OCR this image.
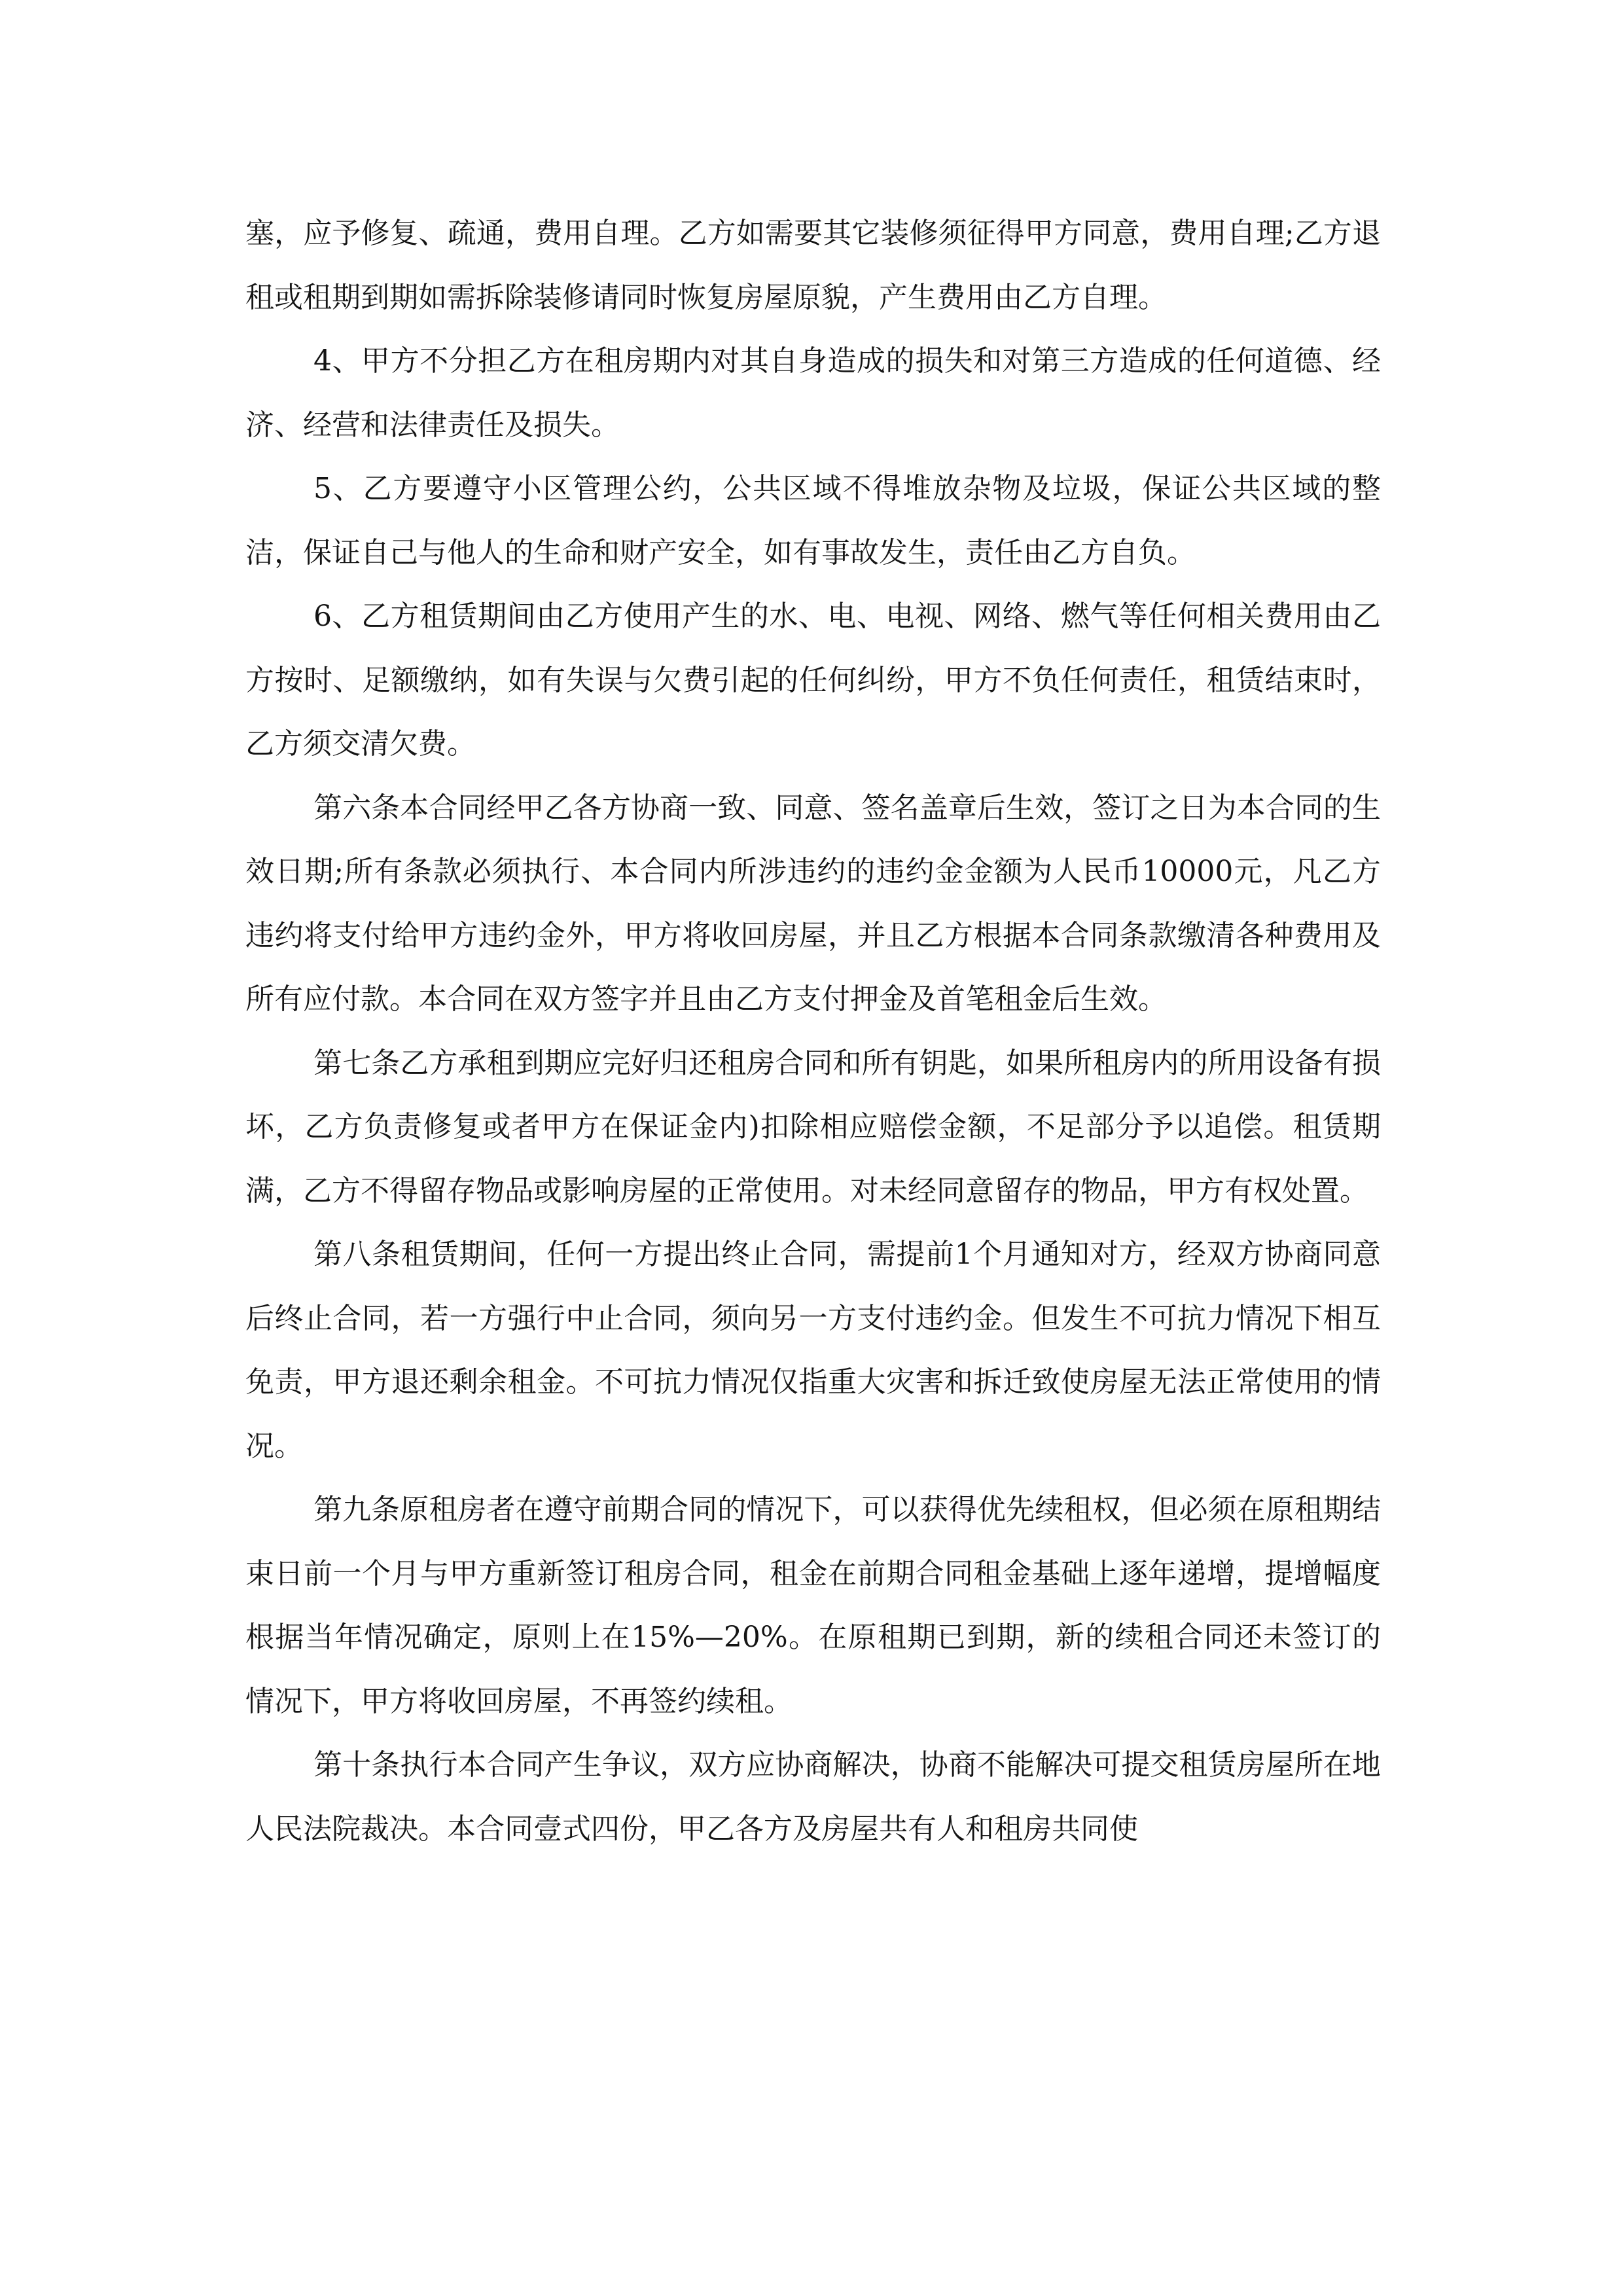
塞，应予修复、疏通，费用自理。乙方如需要其它装修须征得甲方同意，费用自理;乙方退租或租期到期如需拆除装修请同时恢复房屋原貌，产生费用由乙方自理。

4、甲方不分担乙方在租房期内对其自身造成的损失和对第三方造成的任何道德、经济、经营和法律责任及损失。

5、乙方要遵守小区管理公约，公共区域不得堆放杂物及垃圾，保证公共区域的整洁，保证自己与他人的生命和财产安全，如有事故发生，责任由乙方自负。

6、乙方租赁期间由乙方使用产生的水、电、电视、网络、燃气等任何相关费用由乙方按时、足额缴纳，如有失误与欠费引起的任何纠纷，甲方不负任何责任，租赁结束时，乙方须交清欠费。

第六条本合同经甲乙各方协商一致、同意、签名盖章后生效，签订之日为本合同的生效日期;所有条款必须执行、本合同内所涉违约的违约金金额为人民币10000元，凡乙方违约将支付给甲方违约金外，甲方将收回房屋，并且乙方根据本合同条款缴清各种费用及所有应付款。本合同在双方签字并且由乙方支付押金及首笔租金后生效。

第七条乙方承租到期应完好归还租房合同和所有钥匙，如果所租房内的所用设备有损坏，乙方负责修复或者甲方在保证金内)扣除相应赔偿金额，不足部分予以追偿。租赁期满，乙方不得留存物品或影响房屋的正常使用。对未经同意留存的物品，甲方有权处置。

第八条租赁期间，任何一方提出终止合同，需提前1个月通知对方，经双方协商同意后终止合同，若一方强行中止合同，须向另一方支付违约金。但发生不可抗力情况下相互免责，甲方退还剩余租金。不可抗力情况仅指重大灾害和拆迁致使房屋无法正常使用的情况。

第九条原租房者在遵守前期合同的情况下，可以获得优先续租权，但必须在原租期结束日前一个月与甲方重新签订租房合同，租金在前期合同租金基础上逐年递增，提增幅度根据当年情况确定，原则上在15%—20%。在原租期已到期，新的续租合同还未签订的情况下，甲方将收回房屋，不再签约续租。

第十条执行本合同产生争议，双方应协商解决，协商不能解决可提交租赁房屋所在地人民法院裁决。本合同壹式四份，甲乙各方及房屋共有人和租房共同使
